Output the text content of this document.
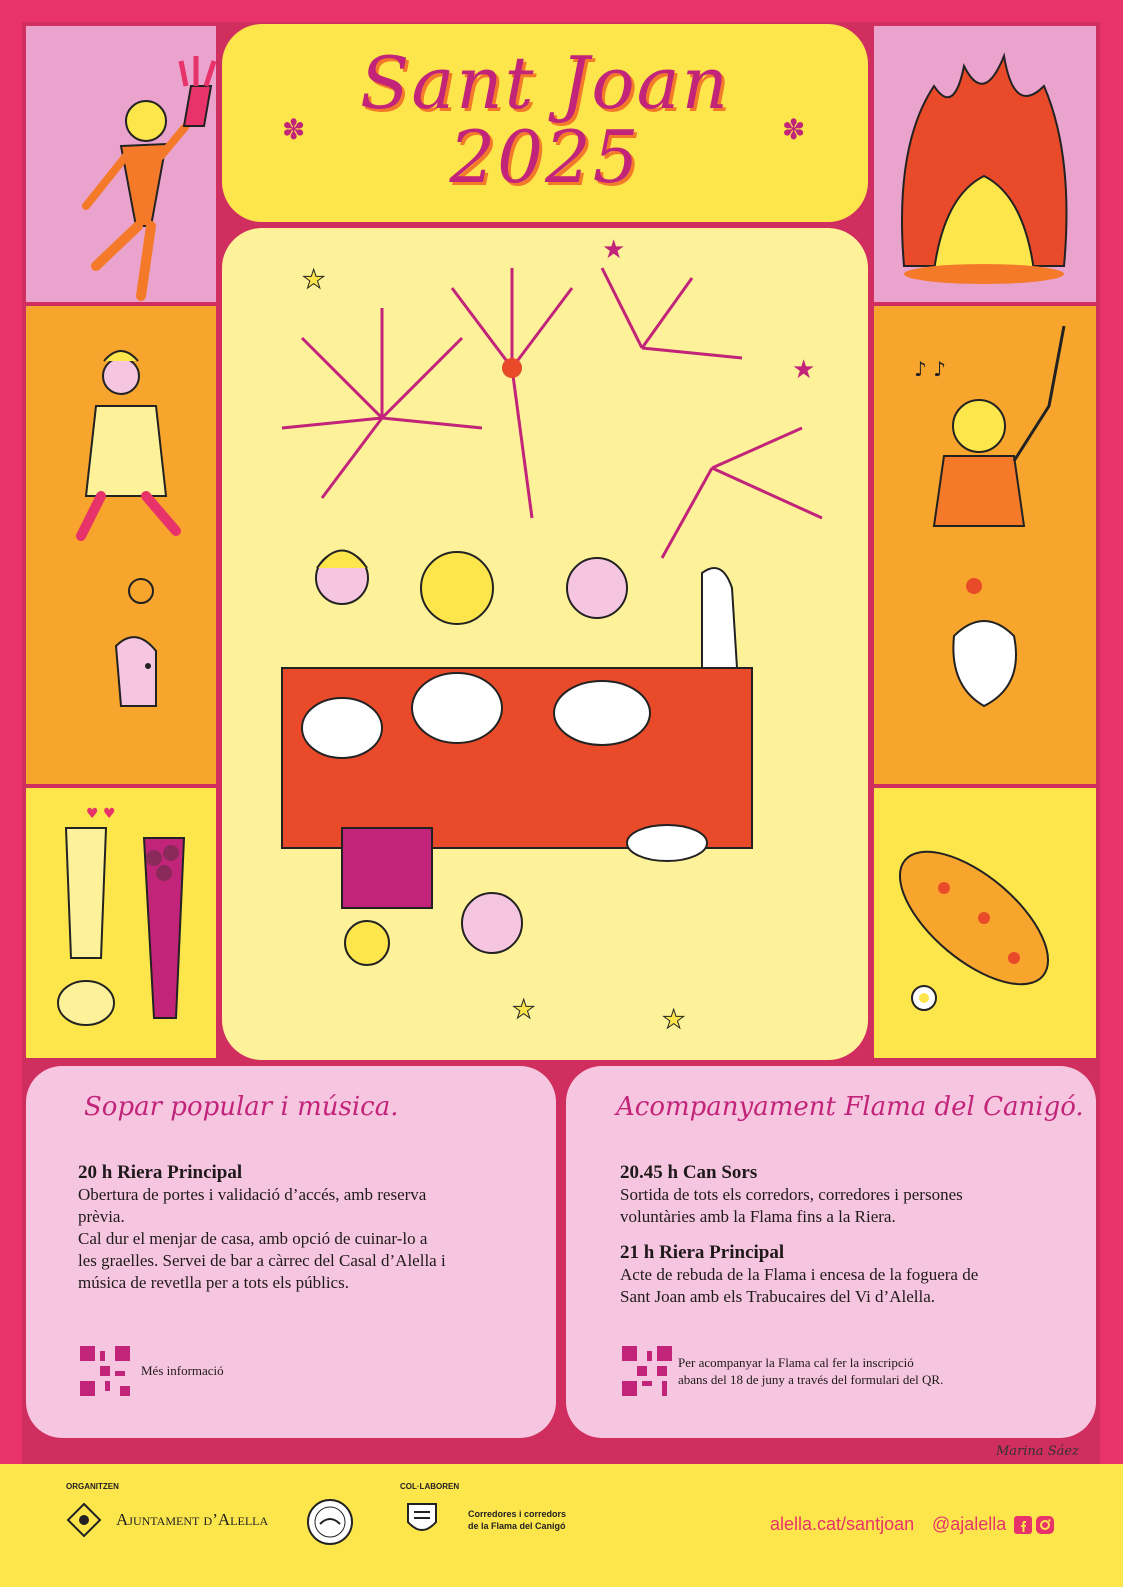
♥ ♥
♪ ♪
Sant Joan
2025
✽	✽
★
★
★
★	★
Sopar popular i música.
20 h Riera Principal
Obertura de portes i validació d’accés, amb reserva
prèvia.
Cal dur el menjar de casa, amb opció de cuinar-lo a
les graelles. Servei de bar a càrrec del Casal d’Alella i
música de revetlla per a tots els públics.
Més informació
Acompanyament Flama del Canigó.
20.45 h Can Sors
Sortida de tots els corredors, corredores i persones
voluntàries amb la Flama fins a la Riera.
21 h Riera Principal
Acte de rebuda de la Flama i encesa de la foguera de
Sant Joan amb els Trabucaires del Vi d’Alella.
Per acompanyar la Flama cal fer la inscripció
abans del 18 de juny a través del formulari del QR.
Marina Sáez
ORGANITZEN
Ajuntament d’Alella
COL·LABOREN
Corredores i corredors
de la Flama del Canigó	alella.cat/santjoan @ajalella
